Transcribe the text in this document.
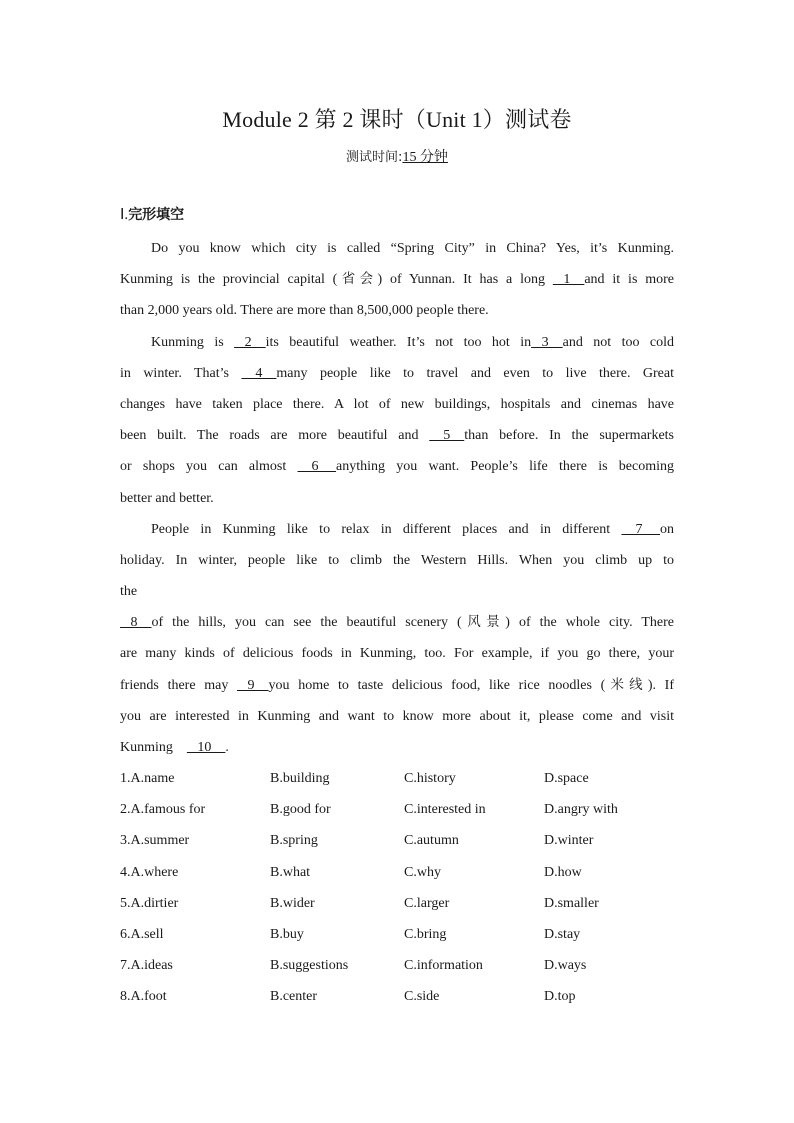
Module 2 第 2 课时（Unit 1）测试卷
测试时间:15 分钟
Ⅰ.完形填空
Do you know which city is called “Spring City” in China? Yes, it’s Kunming.
Kunming is the provincial capital (省会) of Yunnan. It has a long    1    and it is more
than 2,000 years old. There are more than 8,500,000 people there.
Kunming is    2    its beautiful weather. It’s not too hot in   3    and not too cold
in winter. That’s     4    many people like to travel and even to live there. Great
changes have taken place there. A lot of new buildings, hospitals and cinemas have
been built. The roads are more beautiful and     5    than before. In the supermarkets
or shops you can almost     6     anything you want. People’s life there is becoming
better and better.
People in Kunming like to relax in different places and in different     7     on
holiday. In winter, people like to climb the Western Hills. When you climb up to
the
8    of the hills, you can see the beautiful scenery (风景) of the whole city. There
are many kinds of delicious foods in Kunming, too. For example, if you go there, your
friends there may    9    you home to taste delicious food, like rice noodles (米线). If
you are interested in Kunming and want to know more about it, please come and visit
Kunming       10    .
1.A.name	B.building	C.history	D.space
2.A.famous for	B.good for	C.interested in	D.angry with
3.A.summer	B.spring	C.autumn	D.winter
4.A.where	B.what	C.why	D.how
5.A.dirtier	B.wider	C.larger	D.smaller
6.A.sell	B.buy	C.bring	D.stay
7.A.ideas	B.suggestions	C.information	D.ways
8.A.foot	B.center	C.side	D.top
